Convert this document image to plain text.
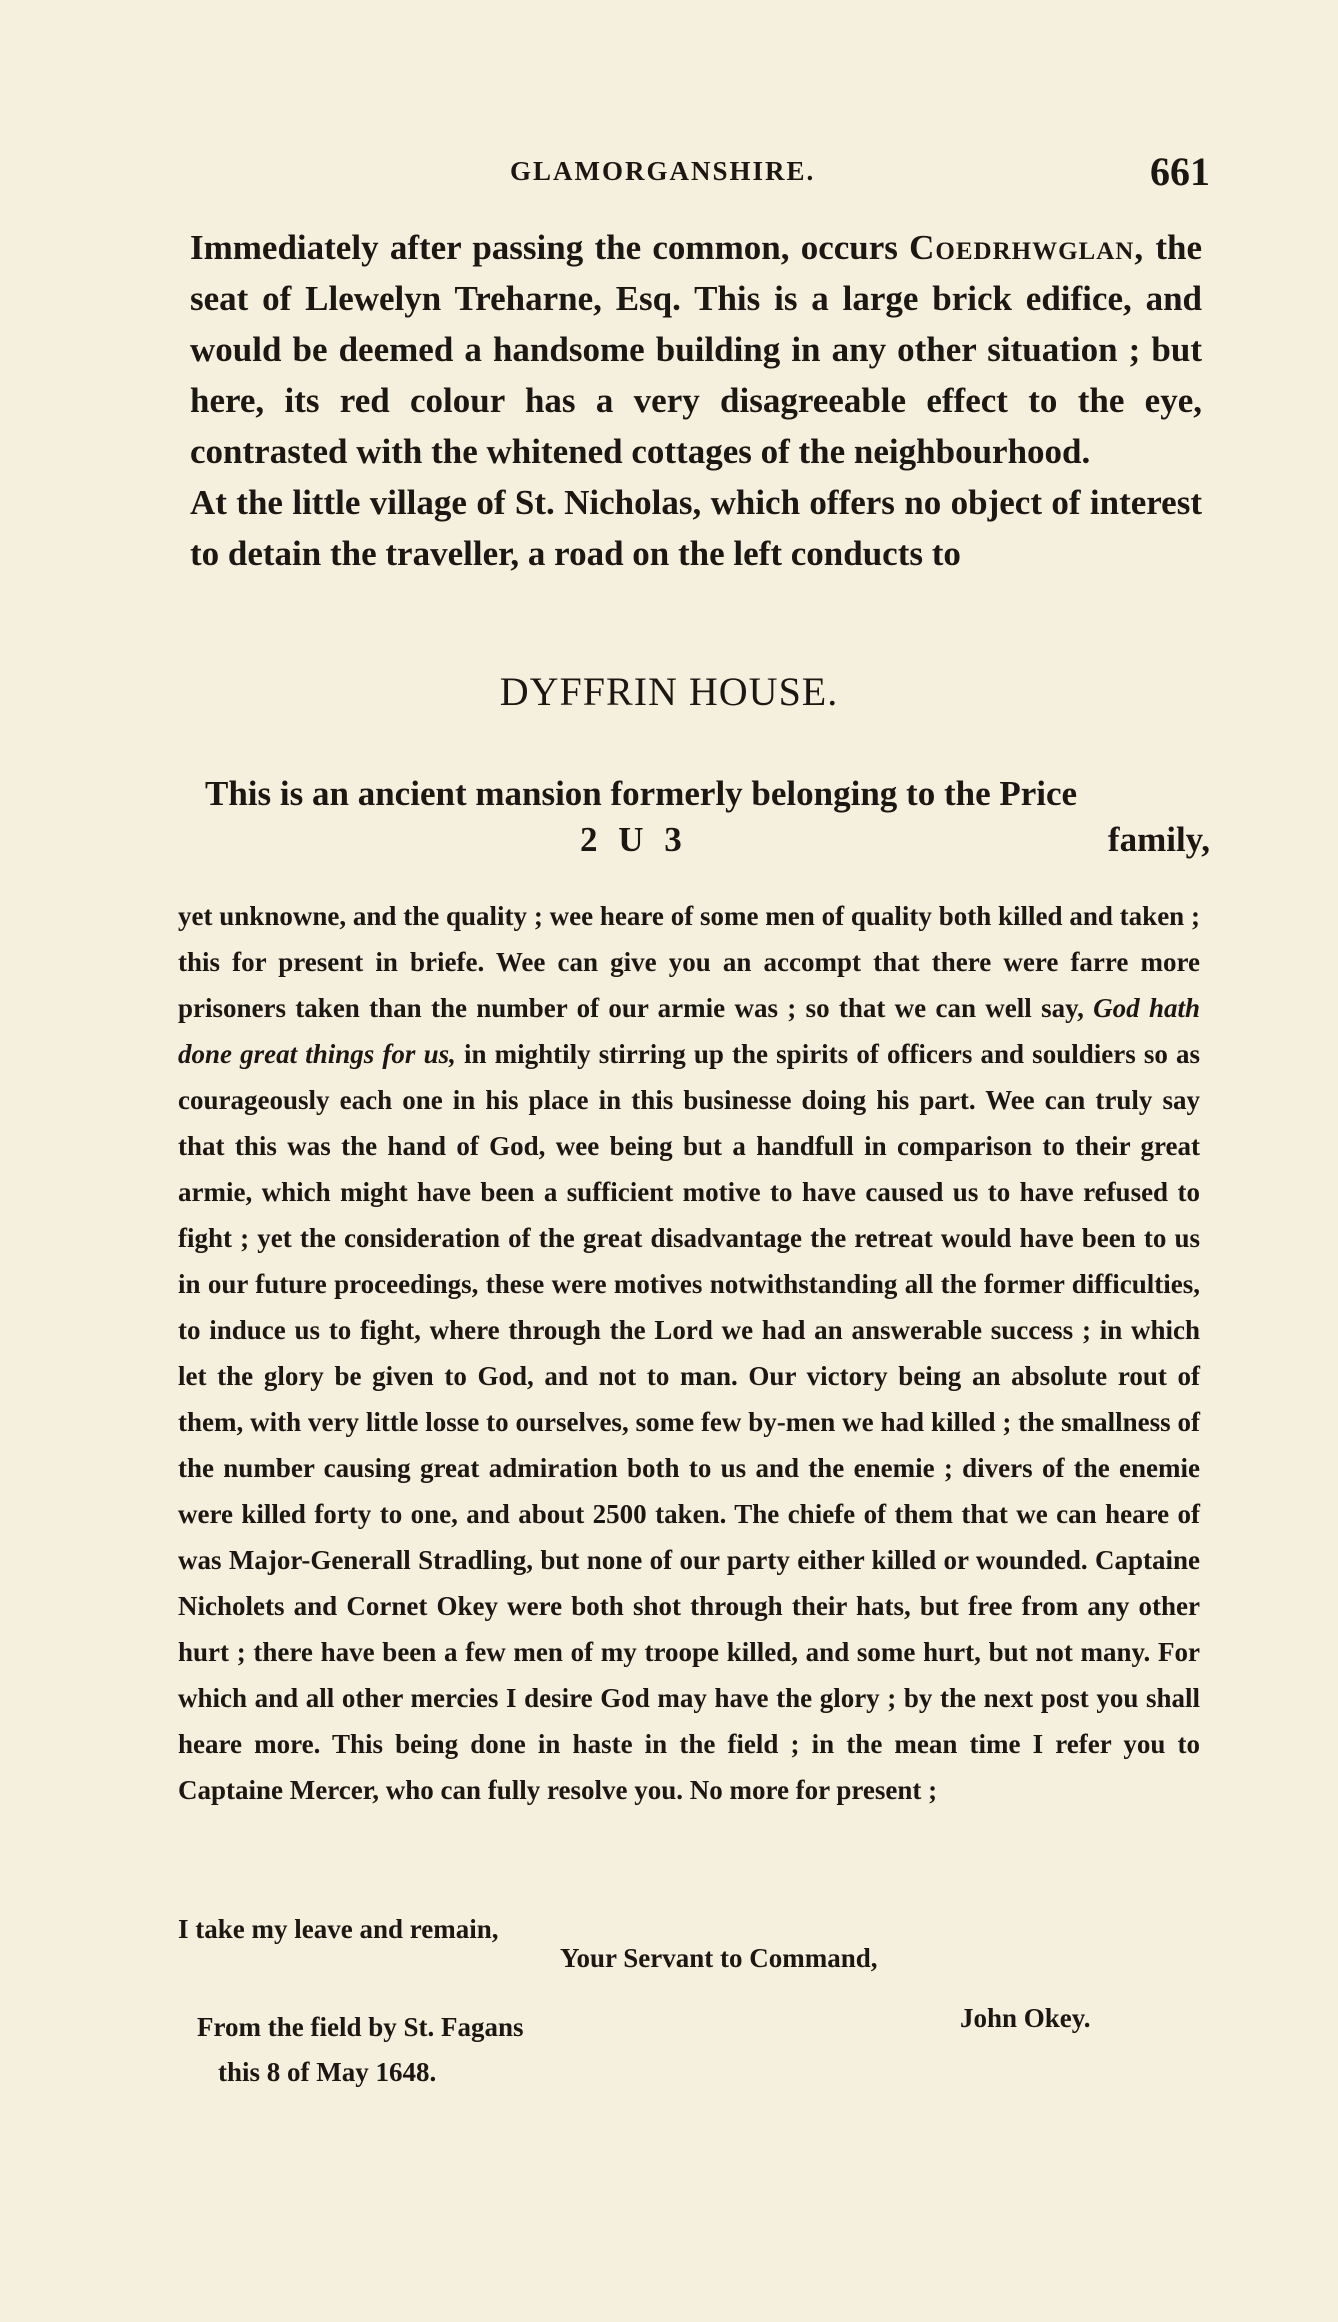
GLAMORGANSHIRE.	661

Immediately after passing the common, occurs Coedrhwglan, the seat of Llewelyn Treharne, Esq. This is a large brick edifice, and would be deemed a handsome building in any other situation ; but here, its red colour has a very disagreeable effect to the eye, contrasted with the whitened cottages of the neighbourhood.

At the little village of St. Nicholas, which offers no object of interest to detain the traveller, a road on the left conducts to

DYFFRIN HOUSE.
This is an ancient mansion formerly belonging to the Price
2 U 3	family,

yet unknowne, and the quality ; wee heare of some men of quality both killed and taken ; this for present in briefe. Wee can give you an accompt that there were farre more prisoners taken than the number of our armie was ; so that we can well say, God hath done great things for us, in mightily stirring up the spirits of officers and souldiers so as courageously each one in his place in this businesse doing his part. Wee can truly say that this was the hand of God, wee being but a handfull in comparison to their great armie, which might have been a sufficient motive to have caused us to have refused to fight ; yet the consideration of the great disadvantage the retreat would have been to us in our future proceedings, these were motives notwithstanding all the former difficulties, to induce us to fight, where through the Lord we had an answerable success ; in which let the glory be given to God, and not to man. Our victory being an absolute rout of them, with very little losse to ourselves, some few by-men we had killed ; the smallness of the number causing great admiration both to us and the enemie ; divers of the enemie were killed forty to one, and about 2500 taken. The chiefe of them that we can heare of was Major-Generall Stradling, but none of our party either killed or wounded. Captaine Nicholets and Cornet Okey were both shot through their hats, but free from any other hurt ; there have been a few men of my troope killed, and some hurt, but not many. For which and all other mercies I desire God may have the glory ; by the next post you shall heare more. This being done in haste in the field ; in the mean time I refer you to Captaine Mercer, who can fully resolve you. No more for present ;

I take my leave and remain,
Your Servant to Command,
From the field by St. Fagans	John Okey.
this 8 of May 1648.
